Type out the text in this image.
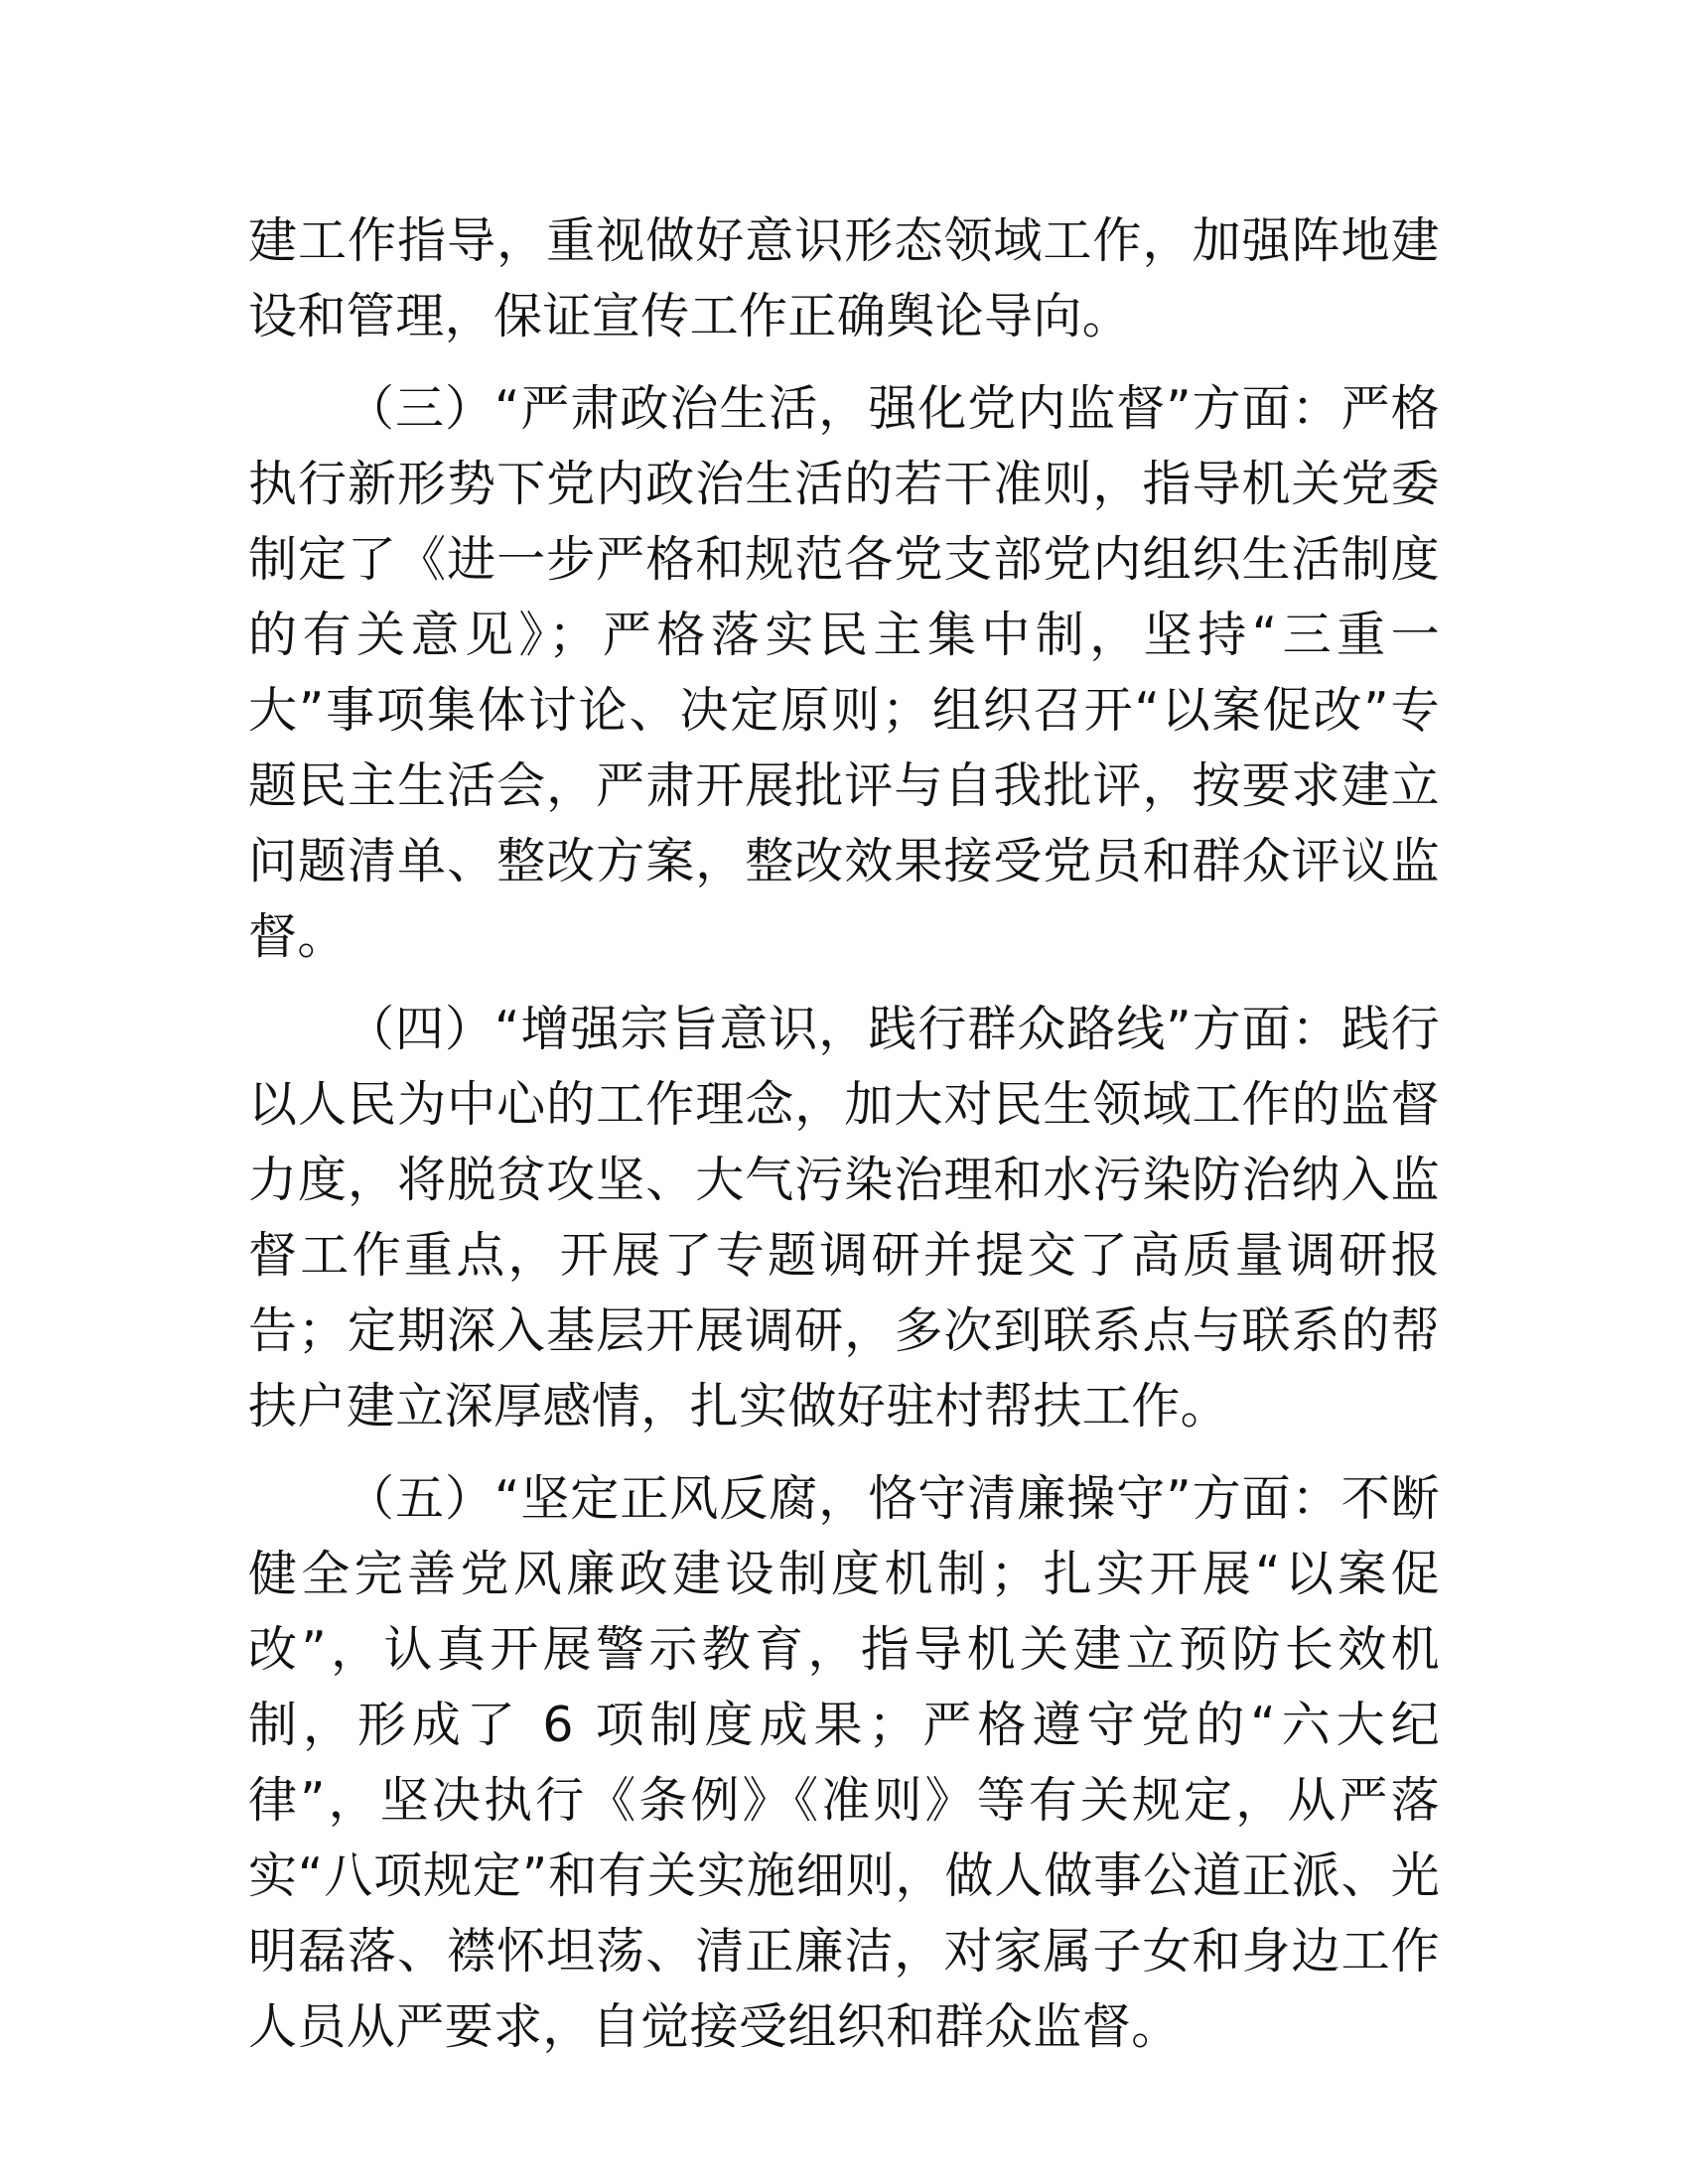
建工作指导，重视做好意识形态领域工作，加强阵地建设和管理，保证宣传工作正确舆论导向。

（三）“严肃政治生活，强化党内监督”方面：严格执行新形势下党内政治生活的若干准则，指导机关党委制定了《进一步严格和规范各党支部党内组织生活制度的有关意见》；严格落实民主集中制，坚持“三重一大”事项集体讨论、决定原则；组织召开“以案促改”专题民主生活会，严肃开展批评与自我批评，按要求建立问题清单、整改方案，整改效果接受党员和群众评议监督。

（四）“增强宗旨意识，践行群众路线”方面：践行以人民为中心的工作理念，加大对民生领域工作的监督力度，将脱贫攻坚、大气污染治理和水污染防治纳入监督工作重点，开展了专题调研并提交了高质量调研报告；定期深入基层开展调研，多次到联系点与联系的帮扶户建立深厚感情，扎实做好驻村帮扶工作。

（五）“坚定正风反腐，恪守清廉操守”方面：不断健全完善党风廉政建设制度机制；扎实开展“以案促改”，认真开展警示教育，指导机关建立预防长效机制，形成了 6 项制度成果；严格遵守党的“六大纪律”，坚决执行《条例》《准则》等有关规定，从严落实“八项规定”和有关实施细则，做人做事公道正派、光明磊落、襟怀坦荡、清正廉洁，对家属子女和身边工作人员从严要求，自觉接受组织和群众监督。
